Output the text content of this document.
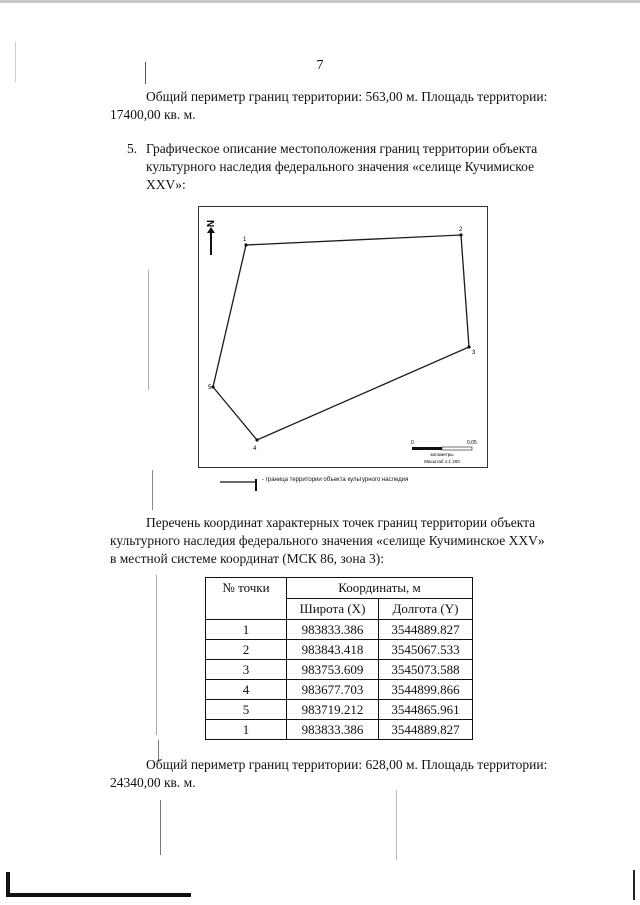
7
Общий периметр границ территории: 563,00 м. Площадь территории:
17400,00 кв. м.
5. Графическое описание местоположения границ территории объекта
культурного наследия федерального значения «селище Кучимиское
XXV»:
N
1
2
3
4
5
0	0,05
километры
Масштаб 1:1 200
- граница территории объекта культурного наследия
Перечень координат характерных точек границ территории объекта
культурного наследия федерального значения «селище Кучиминское XXV»
в местной системе координат (МСК 86, зона 3):
№ точки	Координаты, м	
	Широта (X)	Долгота (Y)
1	983833.386	3544889.827
2	983843.418	3545067.533
3	983753.609	3545073.588
4	983677.703	3544899.866
5	983719.212	3544865.961
1	983833.386	3544889.827
Общий периметр границ территории: 628,00 м. Площадь территории:
24340,00 кв. м.
